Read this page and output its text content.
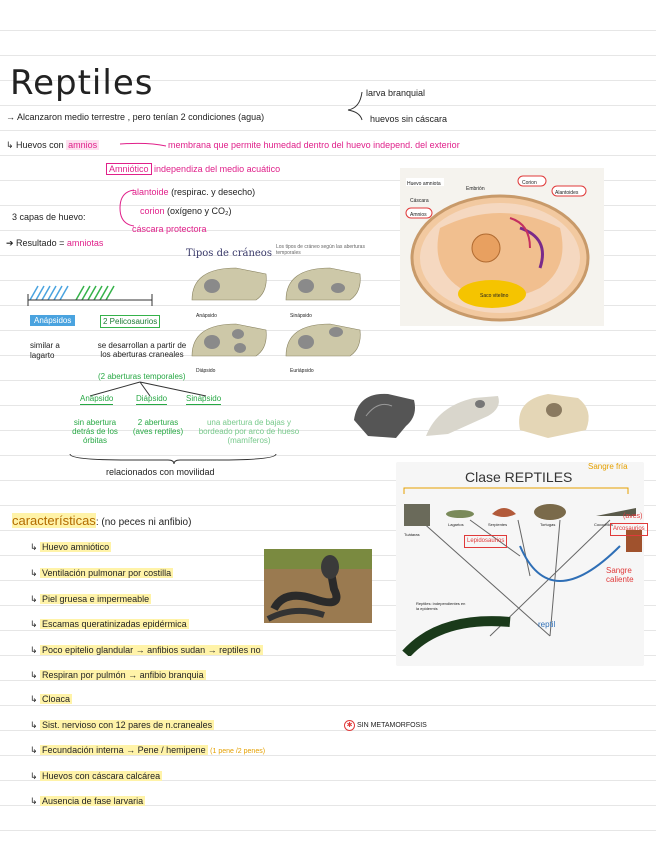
Reptiles
→ Alcanzaron medio terrestre , pero tenían 2 condiciones (agua)
larva branquial
huevos sin cáscara
↳ Huevos con amnios	membrana que permite humedad dentro del huevo independ. del exterior
Amniótico independiza del medio acuático
3 capas de huevo:
alantoide (respirac. y desecho)
corion (oxígeno y CO₂)
cáscara protectora
➔ Resultado = amniotas
Anápsidos	2 Pelicosaurios
similar a lagarto
se desarrollan a partir de los aberturas craneales
(2 aberturas temporales)
Anápsido	Diápsido Sinápsido
sin abertura detrás de los órbitas
2 aberturas (aves reptiles)
una abertura de bajas y bordeado por arco de hueso (mamíferos)
relacionados con movilidad
Tipos de cráneos
Los tipos de cráneo según las aberturas temporales
Anápsido	Sinápsido
Diápsido	Euriápsido
Huevo amniota
Embrión
Corion
Alantoides
Cáscara
Amnios
Saco vitelino
Clase REPTILES
Sangre fría
Tuátaras
Lagartos	Serpientes	Tortugas	Cocodrilos
Lepidosaurios
Arcosaurios
(aves)
Sangre caliente
reptil
Reptiles: independientes en la epidermis
características: (no peces ni anfibio)
↳ Huevo amniótico
↳ Ventilación pulmonar por costilla
↳ Piel gruesa e impermeable
↳ Escamas queratinizadas epidérmica
↳ Poco epitelio glandular → anfibios sudan → reptiles no
↳ Respiran por pulmón → anfibio branquia
↳ Cloaca
↳ Sist. nervioso con 12 pares de n.craneales
↳ Fecundación interna → Pene / hemipene (1 pene /2 penes)
↳ Huevos con cáscara calcárea
↳ Ausencia de fase larvaria
✱ SIN METAMORFOSIS
